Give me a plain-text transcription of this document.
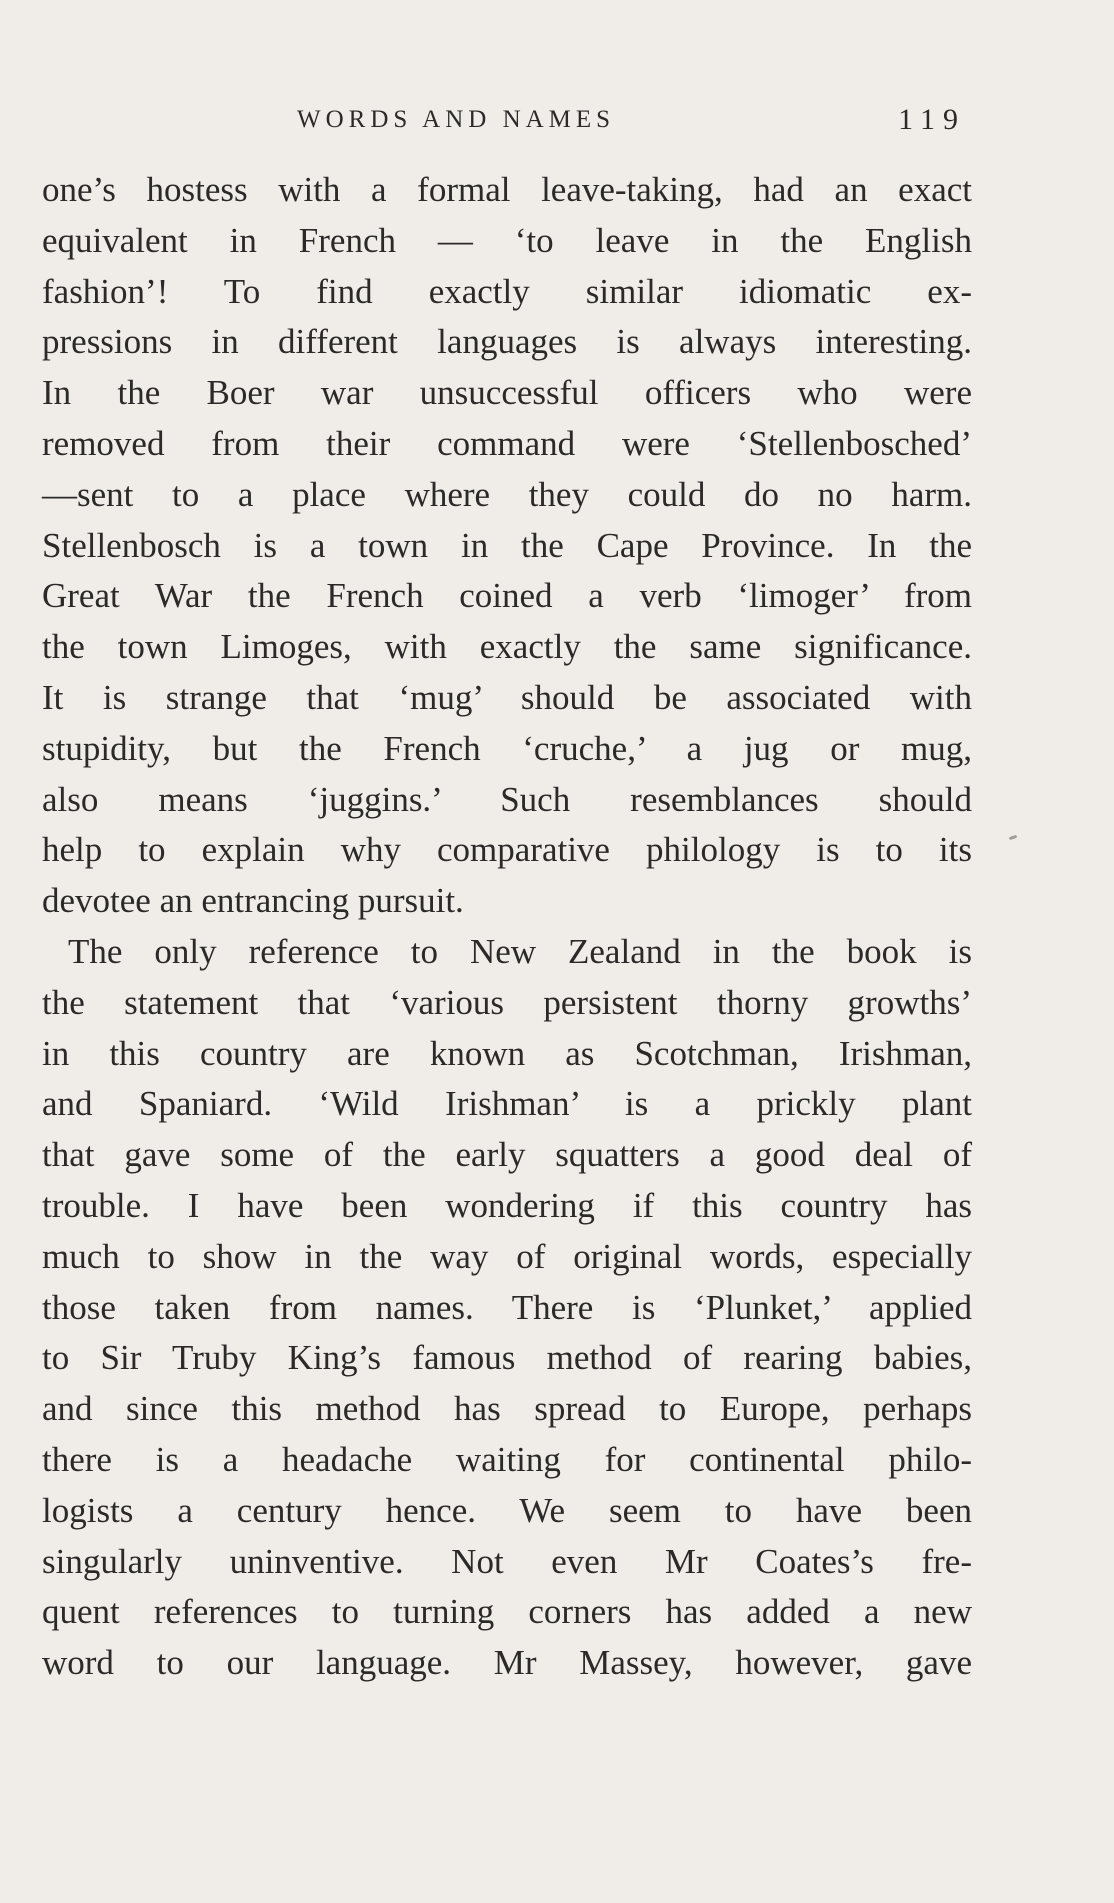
WORDS AND NAMES	119
one’s hostess with a formal leave-taking, had an exact
equivalent in French — ‘to leave in the English
fashion’! To find exactly similar idiomatic ex-
pressions in different languages is always interesting.
In the Boer war unsuccessful officers who were
removed from their command were ‘Stellenbosched’
—sent to a place where they could do no harm.
Stellenbosch is a town in the Cape Province. In the
Great War the French coined a verb ‘limoger’ from
the town Limoges, with exactly the same significance.
It is strange that ‘mug’ should be associated with
stupidity, but the French ‘cruche,’ a jug or mug,
also means ‘juggins.’ Such resemblances should
help to explain why comparative philology is to its
devotee an entrancing pursuit.
The only reference to New Zealand in the book is
the statement that ‘various persistent thorny growths’
in this country are known as Scotchman, Irishman,
and Spaniard. ‘Wild Irishman’ is a prickly plant
that gave some of the early squatters a good deal of
trouble. I have been wondering if this country has
much to show in the way of original words, especially
those taken from names. There is ‘Plunket,’ applied
to Sir Truby King’s famous method of rearing babies,
and since this method has spread to Europe, perhaps
there is a headache waiting for continental philo-
logists a century hence. We seem to have been
singularly uninventive. Not even Mr Coates’s fre-
quent references to turning corners has added a new
word to our language. Mr Massey, however, gave
